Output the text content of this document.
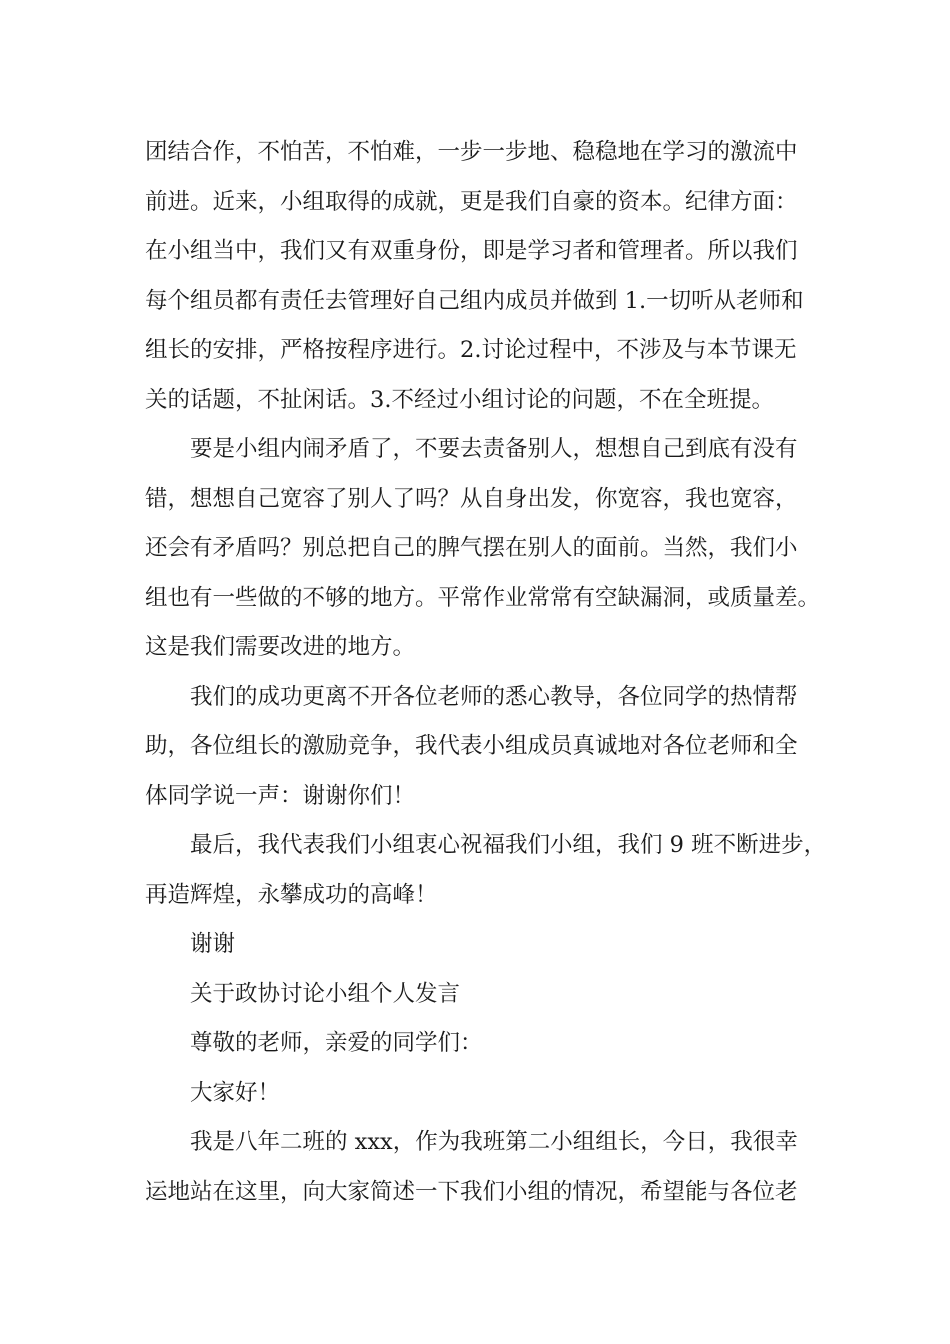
团结合作，不怕苦，不怕难，一步一步地、稳稳地在学习的激流中
前进。近来，小组取得的成就，更是我们自豪的资本。纪律方面：
在小组当中，我们又有双重身份，即是学习者和管理者。所以我们
每个组员都有责任去管理好自己组内成员并做到 1.一切听从老师和
组长的安排，严格按程序进行。2.讨论过程中，不涉及与本节课无
关的话题，不扯闲话。3.不经过小组讨论的问题，不在全班提。
要是小组内闹矛盾了，不要去责备别人，想想自己到底有没有
错，想想自己宽容了别人了吗？从自身出发，你宽容，我也宽容，
还会有矛盾吗？别总把自己的脾气摆在别人的面前。当然，我们小
组也有一些做的不够的地方。平常作业常常有空缺漏洞，或质量差。
这是我们需要改进的地方。
我们的成功更离不开各位老师的悉心教导，各位同学的热情帮
助，各位组长的激励竞争，我代表小组成员真诚地对各位老师和全
体同学说一声：谢谢你们！
最后，我代表我们小组衷心祝福我们小组，我们 9 班不断进步，
再造辉煌，永攀成功的高峰！
谢谢
关于政协讨论小组个人发言
尊敬的老师，亲爱的同学们：
大家好！
我是八年二班的 xxx，作为我班第二小组组长，今日，我很幸
运地站在这里，向大家简述一下我们小组的情况，希望能与各位老
